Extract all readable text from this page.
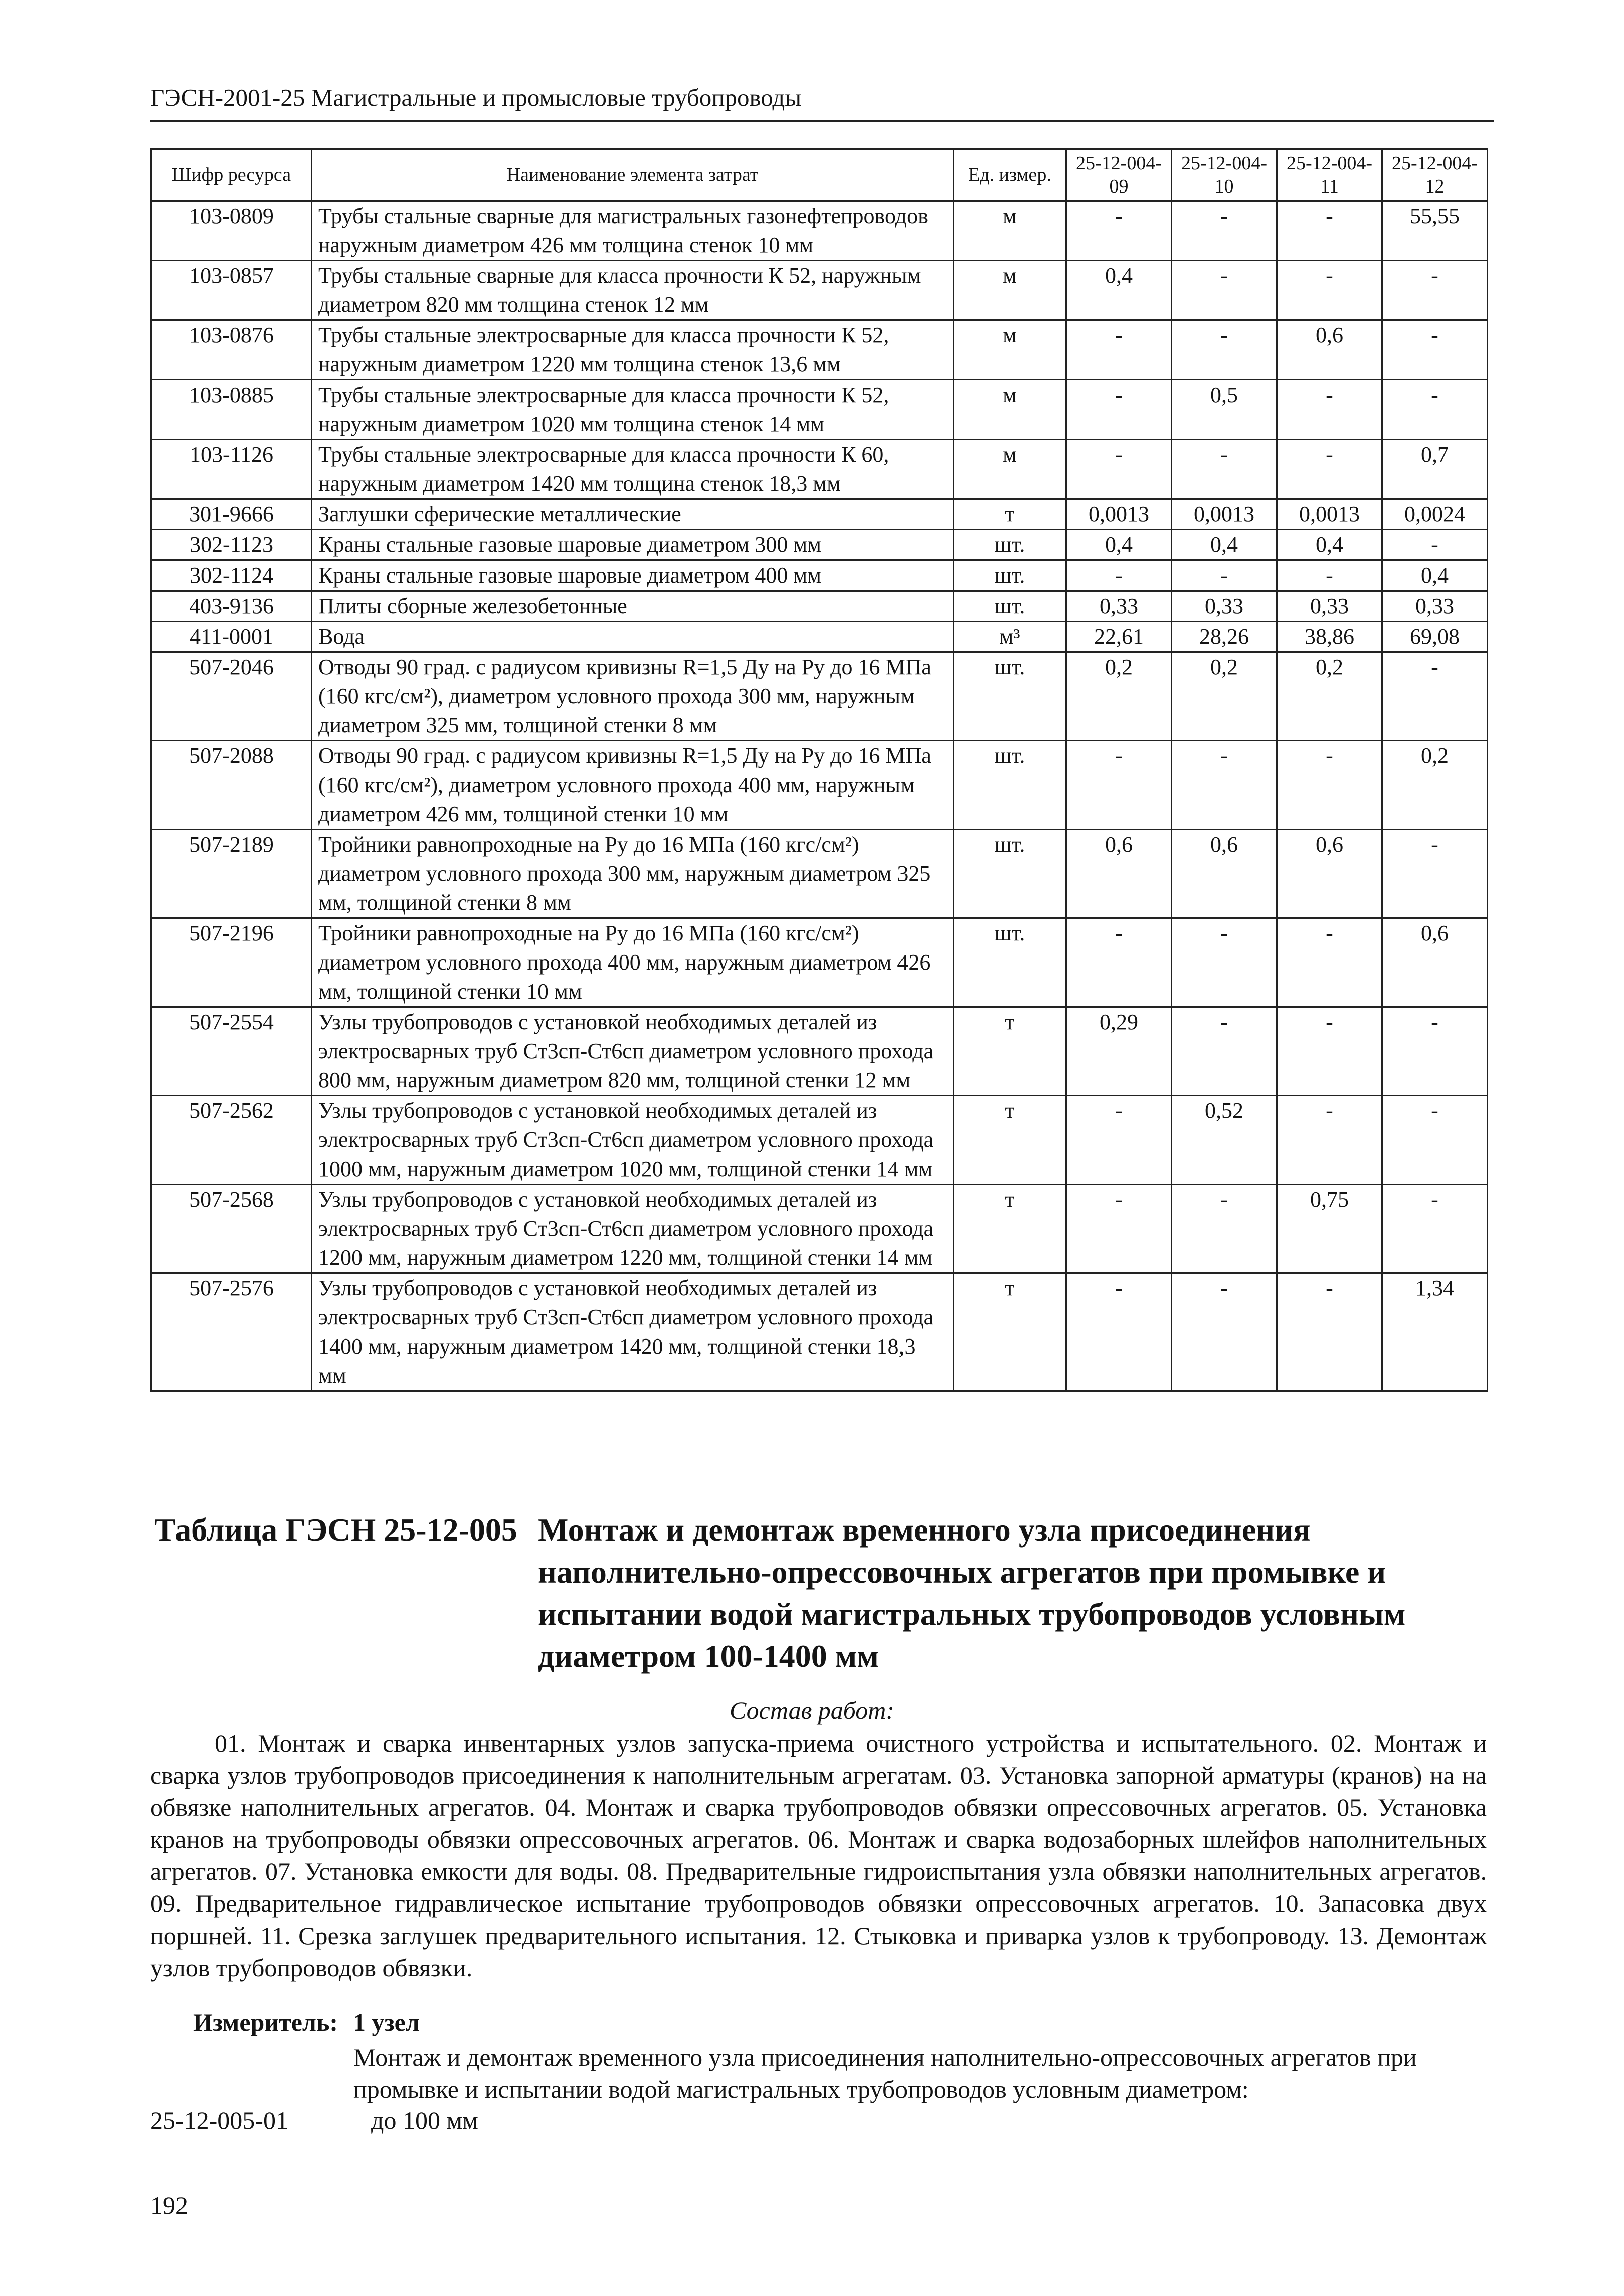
ГЭСН-2001-25 Магистральные и промысловые трубопроводы
Шифр ресурса	Наименование элемента затрат	Ед. измер.	25-12-004-09	25-12-004-10	25-12-004-11	25-12-004-12
103-0809	Трубы стальные сварные для магистральных газонефтепроводов наружным диаметром 426 мм толщина стенок 10 мм	м	-	-	-	55,55
103-0857	Трубы стальные сварные для класса прочности К 52, наружным диаметром 820 мм толщина стенок 12 мм	м	0,4	-	-	-
103-0876	Трубы стальные электросварные для класса прочности К 52, наружным диаметром 1220 мм толщина стенок 13,6 мм	м	-	-	0,6	-
103-0885	Трубы стальные электросварные для класса прочности К 52, наружным диаметром 1020 мм толщина стенок 14 мм	м	-	0,5	-	-
103-1126	Трубы стальные электросварные для класса прочности К 60, наружным диаметром 1420 мм толщина стенок 18,3 мм	м	-	-	-	0,7
301-9666	Заглушки сферические металлические	т	0,0013	0,0013	0,0013	0,0024
302-1123	Краны стальные газовые шаровые диаметром 300 мм	шт.	0,4	0,4	0,4	-
302-1124	Краны стальные газовые шаровые диаметром 400 мм	шт.	-	-	-	0,4
403-9136	Плиты сборные железобетонные	шт.	0,33	0,33	0,33	0,33
411-0001	Вода	м³	22,61	28,26	38,86	69,08
507-2046	Отводы 90 град. с радиусом кривизны R=1,5 Ду на Ру до 16 МПа (160 кгс/см²), диаметром условного прохода 300 мм, наружным диаметром 325 мм, толщиной стенки 8 мм	шт.	0,2	0,2	0,2	-
507-2088	Отводы 90 град. с радиусом кривизны R=1,5 Ду на Ру до 16 МПа (160 кгс/см²), диаметром условного прохода 400 мм, наружным диаметром 426 мм, толщиной стенки 10 мм	шт.	-	-	-	0,2
507-2189	Тройники равнопроходные на Ру до 16 МПа (160 кгс/см²) диаметром условного прохода 300 мм, наружным диаметром 325 мм, толщиной стенки 8 мм	шт.	0,6	0,6	0,6	-
507-2196	Тройники равнопроходные на Ру до 16 МПа (160 кгс/см²) диаметром условного прохода 400 мм, наружным диаметром 426 мм, толщиной стенки 10 мм	шт.	-	-	-	0,6
507-2554	Узлы трубопроводов с установкой необходимых деталей из электросварных труб Ст3сп-Ст6сп диаметром условного прохода 800 мм, наружным диаметром 820 мм, толщиной стенки 12 мм	т	0,29	-	-	-
507-2562	Узлы трубопроводов с установкой необходимых деталей из электросварных труб Ст3сп-Ст6сп диаметром условного прохода 1000 мм, наружным диаметром 1020 мм, толщиной стенки 14 мм	т	-	0,52	-	-
507-2568	Узлы трубопроводов с установкой необходимых деталей из электросварных труб Ст3сп-Ст6сп диаметром условного прохода 1200 мм, наружным диаметром 1220 мм, толщиной стенки 14 мм	т	-	-	0,75	-
507-2576	Узлы трубопроводов с установкой необходимых деталей из электросварных труб Ст3сп-Ст6сп диаметром условного прохода 1400 мм, наружным диаметром 1420 мм, толщиной стенки 18,3 мм	т	-	-	-	1,34
Таблица ГЭСН 25-12-005 Монтаж и демонтаж временного узла присоединения наполнительно-опрессовочных агрегатов при промывке и испытании водой магистральных трубопроводов условным диаметром 100-1400 мм
Состав работ:
01. Монтаж и сварка инвентарных узлов запуска-приема очистного устройства и испытательного. 02. Монтаж и сварка узлов трубопроводов присоединения к наполнительным агрегатам. 03. Установка запорной арматуры (кранов) на на обвязке наполнительных агрегатов. 04. Монтаж и сварка трубопроводов обвязки опрессовочных агрегатов. 05. Установка кранов на трубопроводы обвязки опрессовочных агрегатов. 06. Монтаж и сварка водозаборных шлейфов наполнительных агрегатов. 07. Установка емкости для воды. 08. Предварительные гидроиспытания узла обвязки наполнительных агрегатов. 09. Предварительное гидравлическое испытание трубопроводов обвязки опрессовочных агрегатов. 10. Запасовка двух поршней. 11. Срезка заглушек предварительного испытания. 12. Стыковка и приварка узлов к трубопроводу. 13. Демонтаж узлов трубопроводов обвязки.
Измеритель: 1 узел
Монтаж и демонтаж временного узла присоединения наполнительно-опрессовочных агрегатов при промывке и испытании водой магистральных трубопроводов условным диаметром:
25-12-005-01	до 100 мм
192
